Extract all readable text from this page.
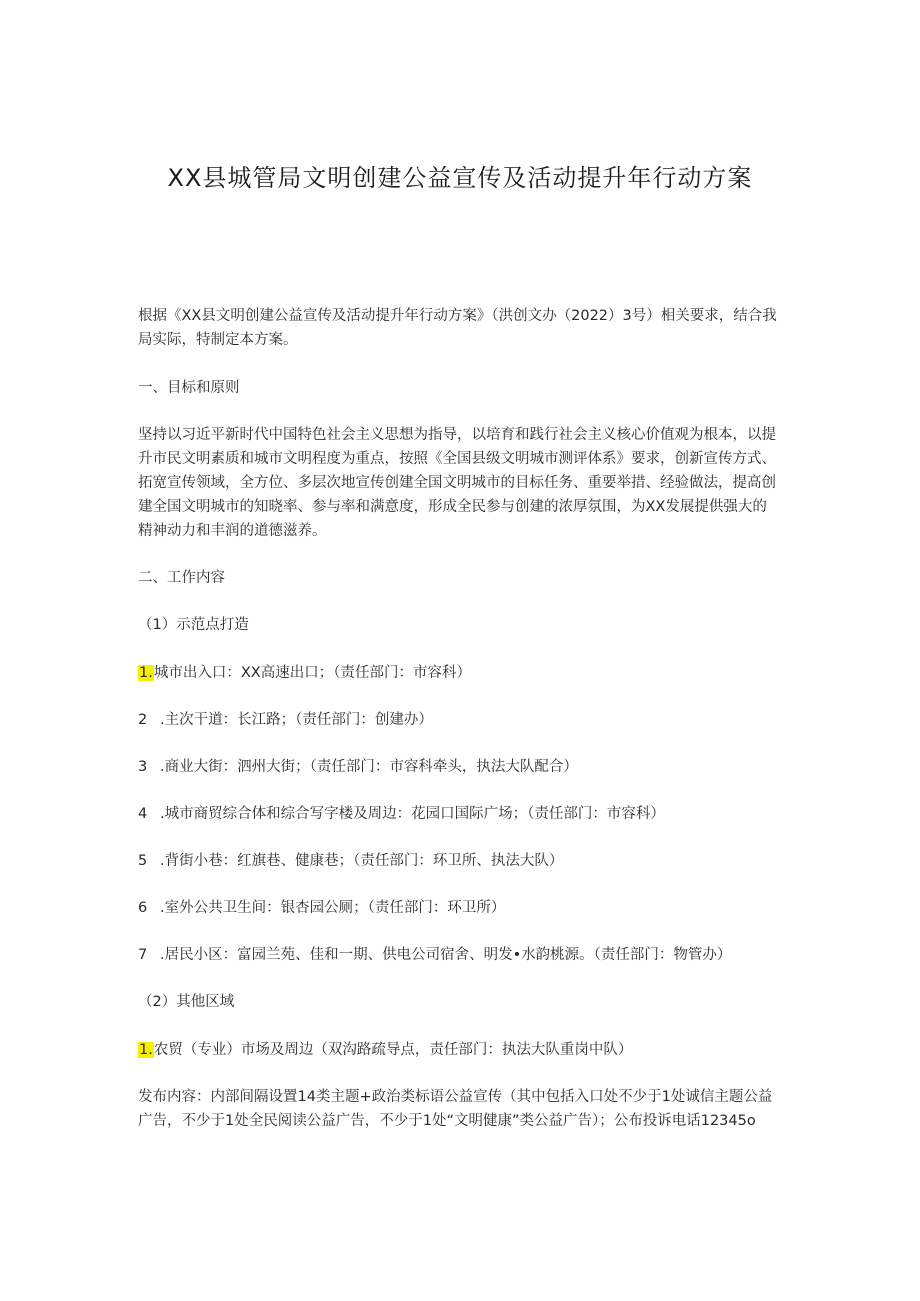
XX县城管局文明创建公益宣传及活动提升年行动方案

根据《XX县文明创建公益宣传及活动提升年行动方案》（洪创文办（2022）3号）相关要求，结合我局实际，特制定本方案。

一、目标和原则

坚持以习近平新时代中国特色社会主义思想为指导，以培育和践行社会主义核心价值观为根本，以提升市民文明素质和城市文明程度为重点，按照《全国县级文明城市测评体系》要求，创新宣传方式、拓宽宣传领域，全方位、多层次地宣传创建全国文明城市的目标任务、重要举措、经验做法，提高创建全国文明城市的知晓率、参与率和满意度，形成全民参与创建的浓厚氛围，为XX发展提供强大的精神动力和丰润的道德滋养。

二、工作内容

（1）示范点打造

1.城市出入口：XX高速出口；（责任部门：市容科）

2 .主次干道：长江路；（责任部门：创建办）

3 .商业大街：泗州大街；（责任部门：市容科牵头，执法大队配合）

4 .城市商贸综合体和综合写字楼及周边：花园口国际广场；（责任部门：市容科）

5 .背街小巷：红旗巷、健康巷；（责任部门：环卫所、执法大队）

6 .室外公共卫生间：银杏园公厕；（责任部门：环卫所）

7 .居民小区：富园兰苑、佳和一期、供电公司宿舍、明发•水韵桃源。（责任部门：物管办）

（2）其他区域

1.农贸（专业）市场及周边（双沟路疏导点，责任部门：执法大队重岗中队）

发布内容：内部间隔设置14类主题+政治类标语公益宣传（其中包括入口处不少于1处诚信主题公益广告，不少于1处全民阅读公益广告，不少于1处“文明健康”类公益广告）；公布投诉电话12345o
